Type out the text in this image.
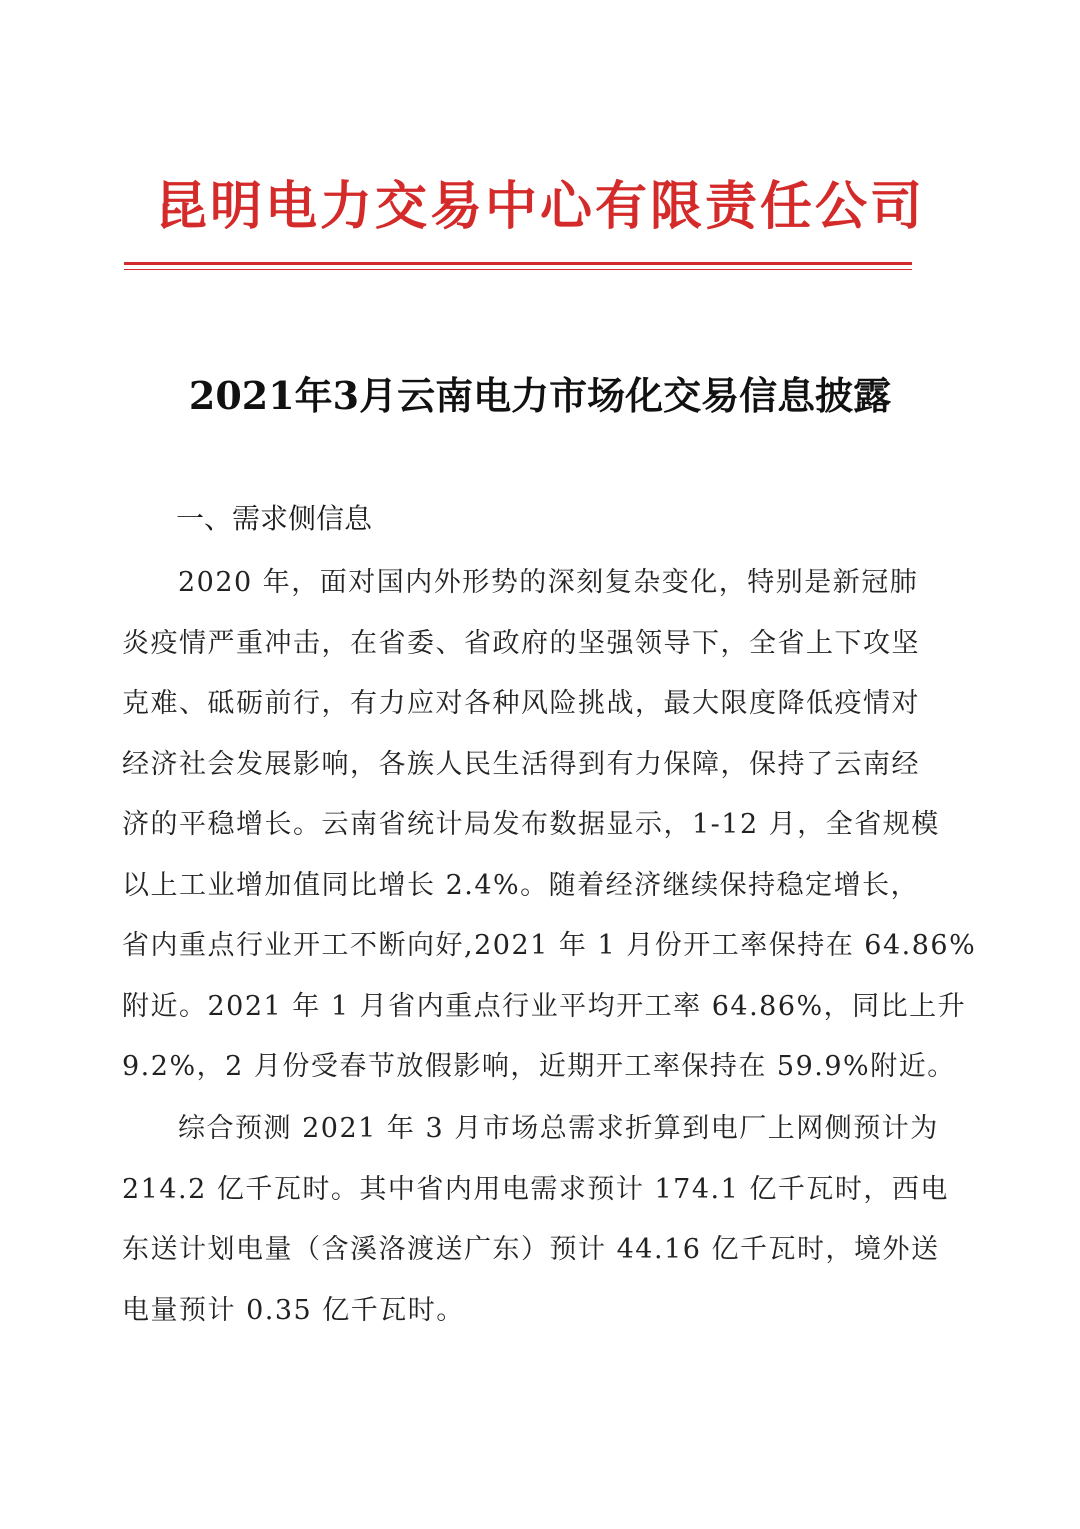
昆明电力交易中心有限责任公司
2021年3月云南电力市场化交易信息披露
一、需求侧信息
2020 年，面对国内外形势的深刻复杂变化，特别是新冠肺
炎疫情严重冲击，在省委、省政府的坚强领导下，全省上下攻坚
克难、砥砺前行，有力应对各种风险挑战，最大限度降低疫情对
经济社会发展影响，各族人民生活得到有力保障，保持了云南经
济的平稳增长。云南省统计局发布数据显示，1-12 月，全省规模
以上工业增加值同比增长 2.4%。随着经济继续保持稳定增长，
省内重点行业开工不断向好,2021 年 1 月份开工率保持在 64.86%
附近。2021 年 1 月省内重点行业平均开工率 64.86%，同比上升
9.2%，2 月份受春节放假影响，近期开工率保持在 59.9%附近。
综合预测 2021 年 3 月市场总需求折算到电厂上网侧预计为
214.2 亿千瓦时。其中省内用电需求预计 174.1 亿千瓦时，西电
东送计划电量（含溪洛渡送广东）预计 44.16 亿千瓦时，境外送
电量预计 0.35 亿千瓦时。
